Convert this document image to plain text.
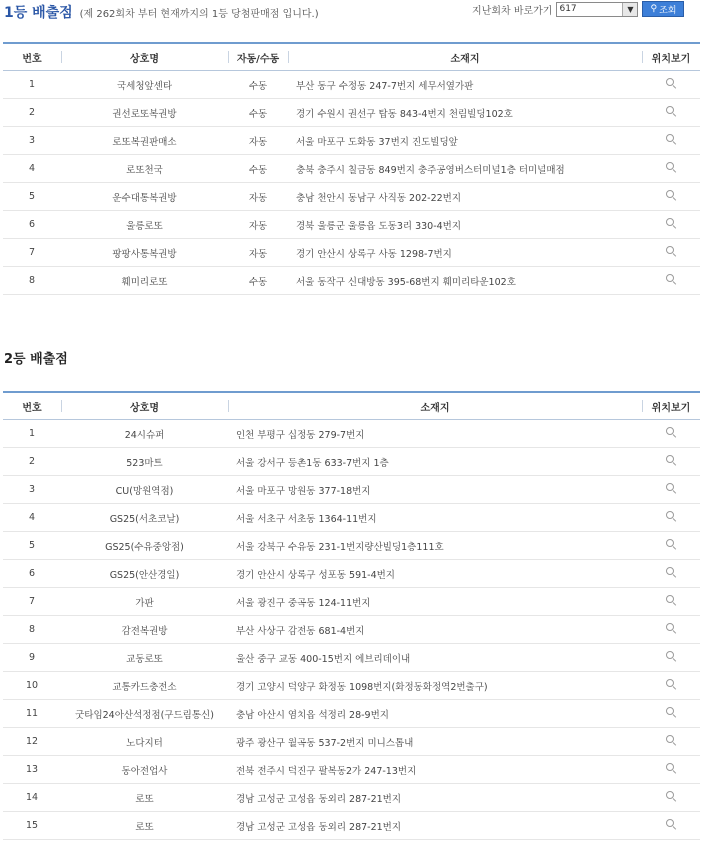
1등 배출점 (제 262회차 부터 현재까지의 1등 당첨판매점 입니다.)	지난회차 바로가기 617	▼	⚲ 조회
번호	상호명	자동/수동	소재지	위치보기
1	국세청앞센타	수동	부산 동구 수정동 247-7번지 세무서옆가판	
2	권선로또복권방	수동	경기 수원시 권선구 탑동 843-4번지 천림빌딩102호	
3	로또복권판매소	자동	서울 마포구 도화동 37번지 진도빌딩앞	
4	로또천국	수동	충북 충주시 칠금동 849번지 충주공영버스터미널1층 터미널매점	
5	운수대통복권방	자동	충남 천안시 동남구 사직동 202-22번지	
6	울릉로또	자동	경북 울릉군 울릉읍 도동3리 330-4번지	
7	팡팡사통복권방	자동	경기 안산시 상록구 사동 1298-7번지	
8	훼미리로또	수동	서울 동작구 신대방동 395-68번지 훼미리타운102호	
2등 배출점
번호	상호명	소재지	위치보기
1	24시슈퍼	인천 부평구 십정동 279-7번지	
2	523마트	서울 강서구 등촌1동 633-7번지 1층	
3	CU(망원역점)	서울 마포구 망원동 377-18번지	
4	GS25(서초코날)	서울 서초구 서초동 1364-11번지	
5	GS25(수유중앙점)	서울 강북구 수유동 231-1번지량산빌딩1층111호	
6	GS25(안산경일)	경기 안산시 상록구 성포동 591-4번지	
7	가판	서울 광진구 중곡동 124-11번지	
8	감전복권방	부산 사상구 감전동 681-4번지	
9	교동로또	울산 중구 교동 400-15번지 에브리데이내	
10	교통카드충전소	경기 고양시 덕양구 화정동 1098번지(화정동화정역2번출구)	
11	굿타임24아산석정점(구드림통신)	충남 아산시 염치읍 석정리 28-9번지	
12	노다지터	광주 광산구 월곡동 537-2번지 미니스톱내	
13	동아전업사	전북 전주시 덕진구 팔복동2가 247-13번지	
14	로또	경남 고성군 고성읍 동외리 287-21번지	
15	로또	경남 고성군 고성읍 동외리 287-21번지	
